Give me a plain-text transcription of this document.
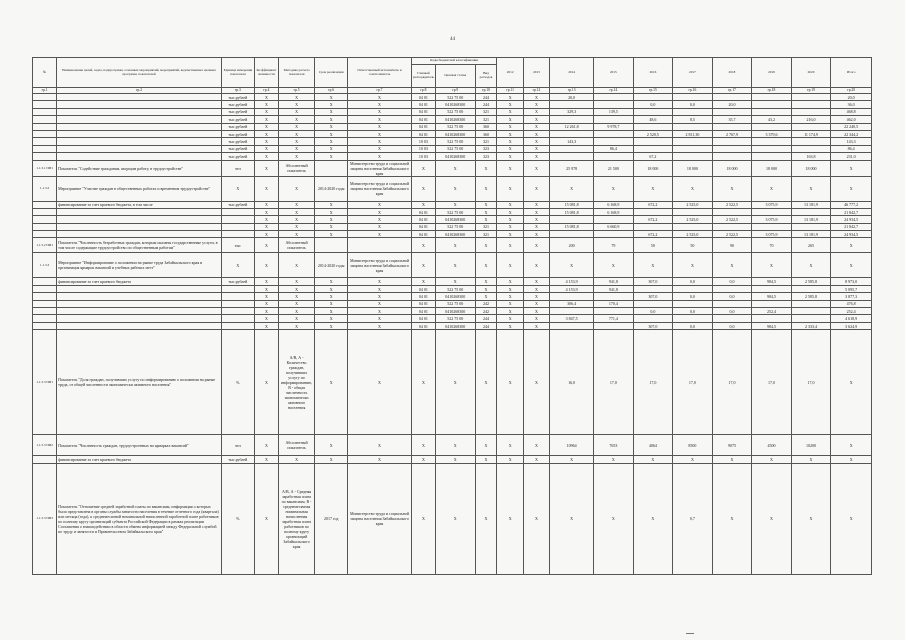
44
№	Наименование целей, задач, подпрограмм, основных мероприятий, мероприятий, ведомственных целевых программ, показателей	Единица измерения показателя	Коэффициент значимости	Методика расчета показателя	Срок реализации	Ответственный исполнитель и соисполнитель	Коды бюджетной классификации			2012	2013	2014	2015	2016	2017	2018	2019	2020	Итого
							Главный распорядитель	Целевая статья	Вид расходов										
гр.1	гр.2	гр.3	гр.4	гр.5	гр.6	гр.7	гр.8	гр.9	гр.10	гр.11	гр.12	гр.13	гр.14	гр.15	гр.16	гр.17	гр.18	гр.19	гр.20
		тыс.рублей	Х	Х	Х	Х	04 01	522 75 00	244	Х	Х	20,0							20,0
		тыс.рублей	Х	Х	Х	Х	04 01	0410268300	244	Х	Х			0,0	0,0	20,0			36,0
		тыс.рублей	Х	Х	Х	Х	04 01	522 75 00	321	Х	Х	329,3	139,5						468,8
		тыс.рублей	Х	Х	Х	Х	04 01	0410268300	321	Х	Х			48,6	8,5	35,7	43,2	216,0	462,0
		тыс.рублей	Х	Х	Х	Х	04 01	522 75 00	360	Х	Х	12 261,8	9 978,7						22 240,5
		тыс.рублей	Х	Х	Х	Х	04 01	0410268300	360	Х	Х			2 520,5	2 811,30	2 767,9	3 379,6	11 174,9	22 344,2
		тыс.рублей	Х	Х	Х	Х	10 03	522 75 00	321	Х	Х	143,3							143,3
		тыс.рублей	Х	Х	Х	Х	10 03	522 75 00	323	Х	Х		86,4						86,4
		тыс.рублей	Х	Х	Х	Х	10 03	0410268300	323	Х	Х			67,2				163,8	231,0
1.1.3.1 ПИ1	Показатель "Содействие гражданам, ищущим работу, в трудоустройстве"	чел	Х	Абсолютный показатель		Министерство труда и социальной защиты населения Забайкальского края	Х	Х	Х	Х	Х	25 978	21 500	18 000	18 000	18 000	18 000	18 000	Х
1.1.3.2	Мероприятие "Участие граждан в общественных работах и временном трудоустройстве"	Х	Х	Х	2014-2020 годы	Министерство труда и социальной защиты населения Забайкальского края	Х	Х	Х	Х	Х	Х	Х	Х	Х	Х	Х	Х	Х
	финансирование за счет краевого бюджета, в том числе	тыс.рублей	Х	Х	Х	Х	Х	Х	Х	Х	Х	15 081,8	6 168,9	672,2	2 525,0	2 522,5	3 075,9	13 181,9	46 777,2
			Х	Х	Х	Х	04 01	522 75 00	Х	Х	Х	15 081,8	6 168,9						21 842,7
			Х	Х	Х	Х	04 01	0410268300	Х	Х	Х			672,2	2 525,0	2 522,5	3 075,9	13 181,9	24 934,5
			Х	Х	Х	Х	04 01	522 75 00	321	Х	Х	15 081,8	6 660,9						21 842,7
			Х	Х	Х	Х	04 01	0410268300	321	Х	Х			672,2	2 525,0	2 522,5	3 075,9	13 181,9	24 934,5
1.1.3.2 ПИ1	Показатель "Численность безработных граждан, которым оказаны государственные услуги, в том числе содержащие трудоустройство по общественным работам"	тыс	Х	Абсолютный показатель			Х	Х	Х	Х	Х	200	79	50	50	90	70	265	Х
1.1.3.3	Мероприятие "Информирование о положении на рынке труда Забайкальского края и организация ярмарок вакансий и учебных рабочих мест"	Х	Х	Х	2014-2020 годы	Министерство труда и социальной защиты населения Забайкальского края	Х	Х	Х	Х	Х	Х	Х	Х	Х	Х	Х	Х	Х
	финансирование за счет краевого бюджета	тыс.рублей	Х	Х	Х	Х	Х	Х	Х	Х	Х	4 153,9	941,8	307,0	0,0	0,0	984,5	2 585,8	8 973,0
			Х	Х	Х	Х	04 01	522 75 00	Х	Х	Х	4 153,9	941,8						5 095,7
			Х	Х	Х	Х	04 01	0410268300	Х	Х	Х			307,0	0,0	0,0	984,5	2 585,8	3 877,3
			Х	Х	Х	Х	04 01	522 75 00	242	Х	Х	306,4	170,4						476,8
			Х	Х	Х	Х	04 01	0410268300	242	Х	Х			0,0	0,0	0,0	252,4		252,4
			Х	Х	Х	Х	04 01	522 75 00	244	Х	Х	3 847,5	771,4						4 618,9
			Х	Х	Х	Х	04 01	0410268300	244	Х	Х			307,0	0,0	0,0	984,5	2 333,4	3 624,9
1.1.3.3 ПИ1	Показатель "Доля граждан, получивших услугу по информированию о положении на рынке труда, от общей численности экономически активного населения"	%	Х	А/В, А - Количество граждан, получивших услугу по информированию, В - общая численность экономически активного населения	Х	Х	Х	Х	Х	Х	Х	16,0	17,0	17,0	17,0	17,0	17,0	17,0	Х
1.1.3.3 ПИ2	Показатель "Численность граждан, трудоустроенных на ярмарках вакансий"	чел	Х	Абсолютный показатель	Х	Х	Х	Х	Х	Х	Х	10964	7653	4064	8500	9075	4500	10200	Х
	финансирование за счет краевого бюджета	тыс.рублей	Х	Х	Х	Х	Х	Х	Х	Х	Х	Х	Х	Х	Х	Х	Х	Х	Х
1.1.3.3 ПИ3	Показатель "Отношение средней заработной платы по вакансиям, информация о которых была представлена в органы службы занятости населения в течение отчетного года (квартала) или месяца (года), к среднемесячной номинальной начисленной заработной плате работников по полному кругу организаций субъекта Российской Федерации в рамках реализации Соглашения о взаимодействии в области обмена информацией между Федеральной службой по труду и занятости и Правительством Забайкальского края"	%	Х	А/В, А - Средняя заработная плата по вакансиям, В - среднемесячная номинальная начисленная заработная плата работников по полному кругу организаций Забайкальского края	2017 год	Министерство труда и социальной защиты населения Забайкальского края	Х	Х	Х	Х	Х	Х	Х	Х	0,7	Х	Х	Х	Х
